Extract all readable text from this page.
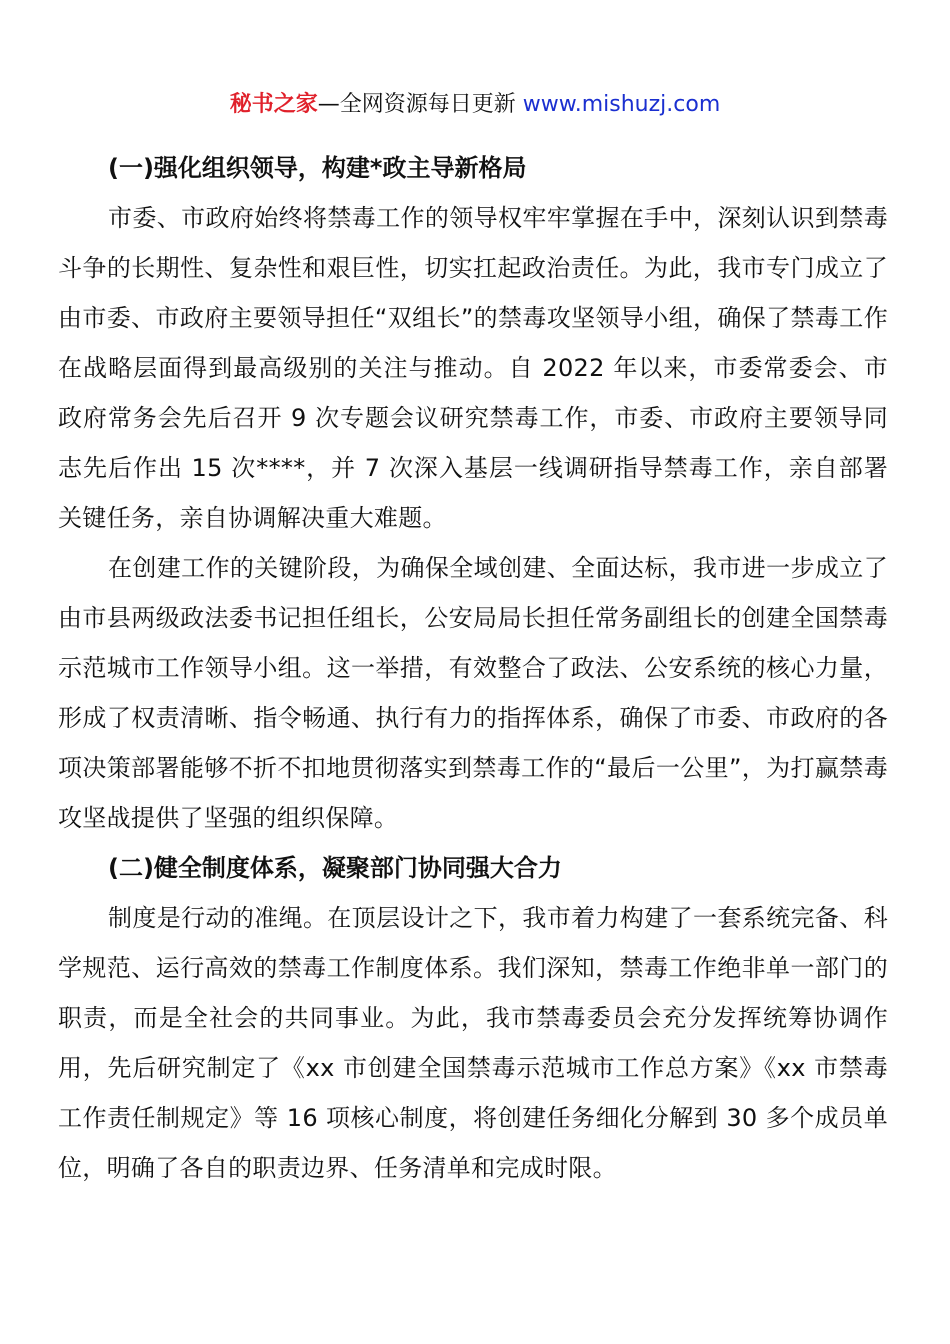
秘书之家—全网资源每日更新 www.mishuzj.com

(一)强化组织领导，构建*政主导新格局

市委、市政府始终将禁毒工作的领导权牢牢掌握在手中，深刻认识到禁毒斗争的长期性、复杂性和艰巨性，切实扛起政治责任。为此，我市专门成立了由市委、市政府主要领导担任“双组长”的禁毒攻坚领导小组，确保了禁毒工作在战略层面得到最高级别的关注与推动。自 2022 年以来，市委常委会、市政府常务会先后召开 9 次专题会议研究禁毒工作，市委、市政府主要领导同志先后作出 15 次****，并 7 次深入基层一线调研指导禁毒工作，亲自部署关键任务，亲自协调解决重大难题。

在创建工作的关键阶段，为确保全域创建、全面达标，我市进一步成立了由市县两级政法委书记担任组长，公安局局长担任常务副组长的创建全国禁毒示范城市工作领导小组。这一举措，有效整合了政法、公安系统的核心力量，形成了权责清晰、指令畅通、执行有力的指挥体系，确保了市委、市政府的各项决策部署能够不折不扣地贯彻落实到禁毒工作的“最后一公里”，为打赢禁毒攻坚战提供了坚强的组织保障。

(二)健全制度体系，凝聚部门协同强大合力

制度是行动的准绳。在顶层设计之下，我市着力构建了一套系统完备、科学规范、运行高效的禁毒工作制度体系。我们深知，禁毒工作绝非单一部门的职责，而是全社会的共同事业。为此，我市禁毒委员会充分发挥统筹协调作用，先后研究制定了《xx 市创建全国禁毒示范城市工作总方案》《xx 市禁毒工作责任制规定》等 16 项核心制度，将创建任务细化分解到 30 多个成员单位，明确了各自的职责边界、任务清单和完成时限。
